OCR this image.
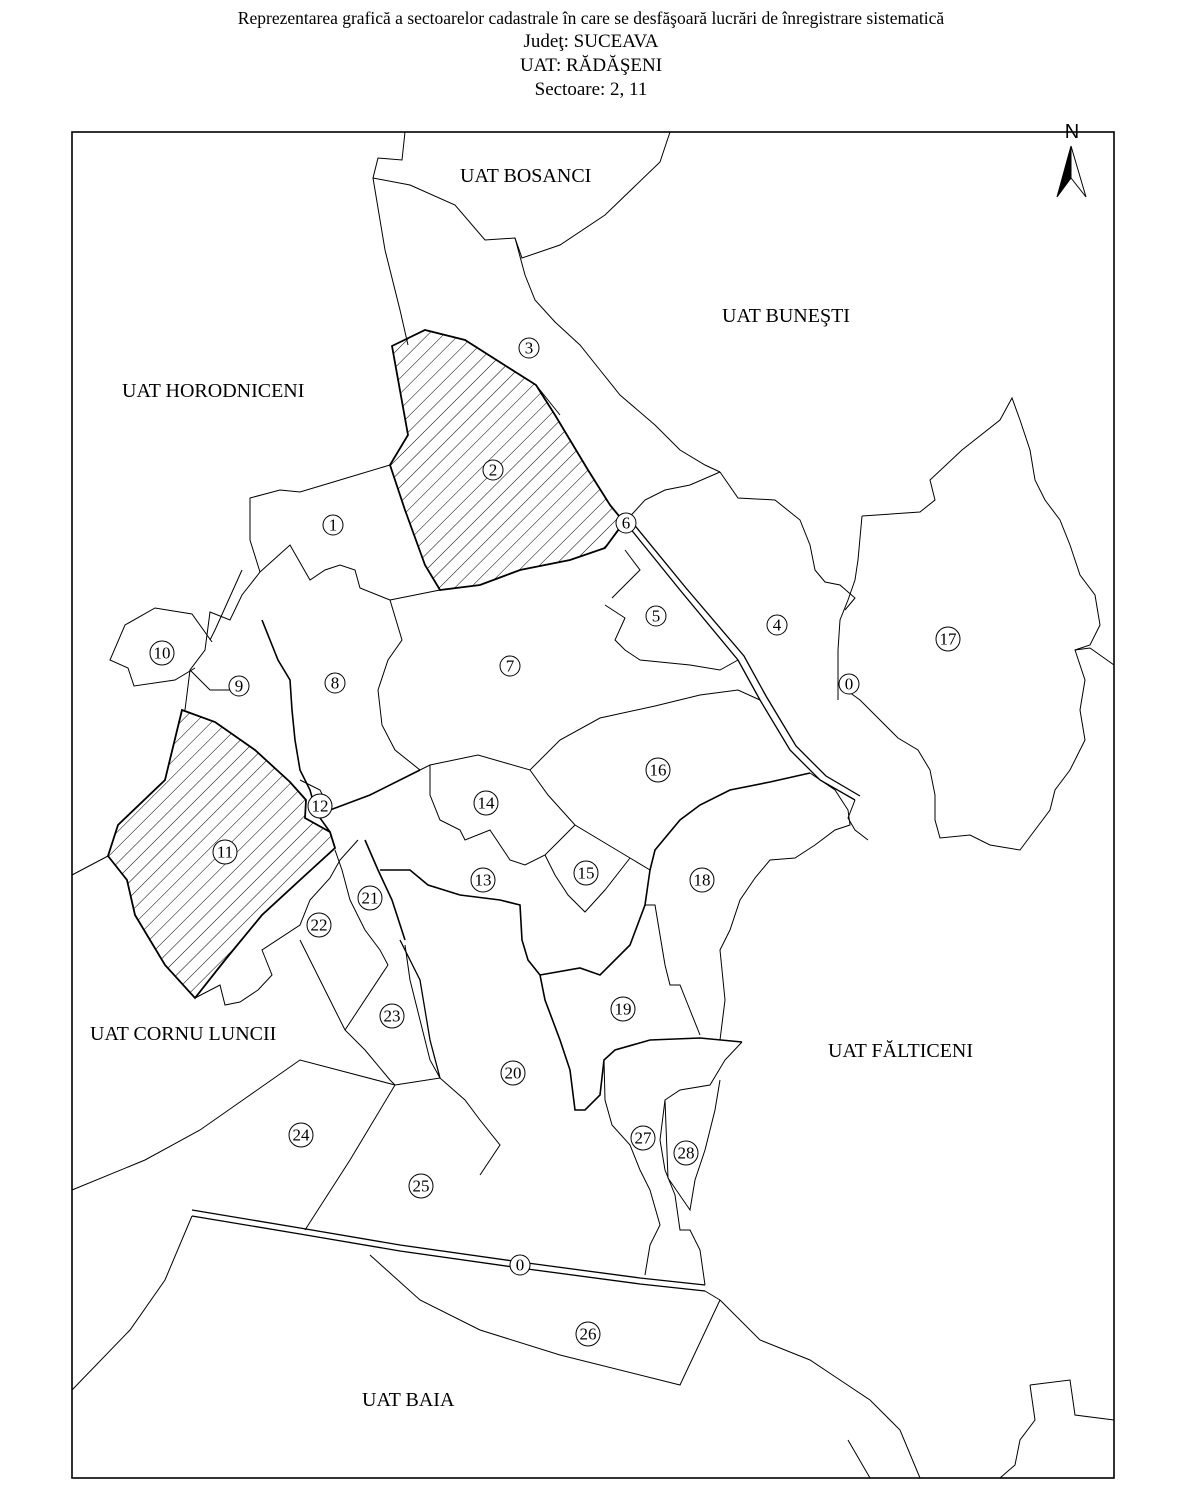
Reprezentarea grafică a sectoarelor cadastrale în care se desfăşoară lucrări de înregistrare sistematică
Judeţ: SUCEAVA
UAT: RĂDĂŞENI
Sectoare: 2, 11
UAT BOSANCI
UAT BUNEŞTI
UAT HORODNICENI
UAT CORNU LUNCII
UAT FĂLTICENI
UAT BAIA
1
2
3
4
5
6
7
8
9
10
11
12
13
14
15
16
17
18
19
20
21
22
23
24
25
26
27
28
0
0
N
